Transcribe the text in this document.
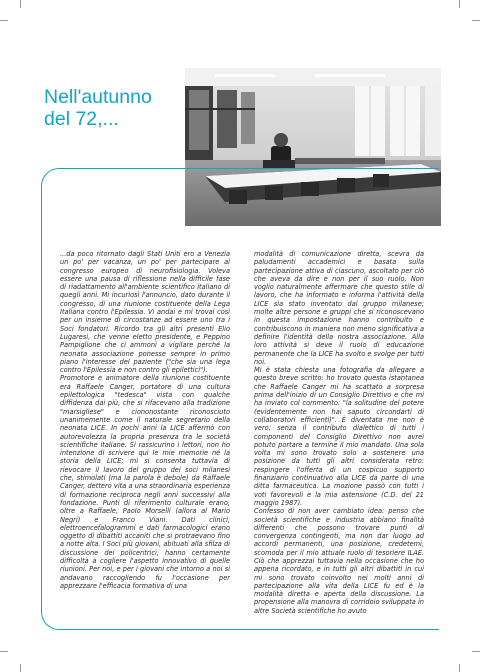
Nell'autunno
del 72,...

...da poco ritornato dagli Stati Uniti ero a Venezia un po' per vacanza, un po' per partecipare al congresso europeo di neurofisiologia. Voleva essere una pausa di riflessione nella difficile fase di riadattamento all'ambiente scientifico italiano di quegli anni. Mi incuriosì l'annuncio, dato durante il congresso, di una riunione costituente della Lega Italiana contro l'Epilessia. Vi andai e mi trovai così per un insieme di circostanze ad essere uno tra i Soci fondatori. Ricordo tra gli altri presenti Elio Lugaresi, che venne eletto presidente, e Peppino Pampiglione che ci ammonì a vigilare perché la neonata associazione ponesse sempre in primo piano l'interesse del paziente ("che sia una lega contro l'Epilessia e non contro gli epilettici").

Promotore e animatore della riunione costituente era Raffaele Canger, portatore di una cultura epilettologica "tedesca" vista con qualche diffidenza dai più, che si rifacevano alla tradizione "marsigliese" e ciononostante riconosciuto unanimemente come il naturale segretario della neonata LICE. In pochi anni la LICE affermò con autorevolezza la propria presenza tra le società scientifiche italiane. Si rassicurino i lettori, non ho intenzione di scrivere qui le mie memorie né la storia della LICE; mi si consenta tuttavia di rievocare il lavoro del gruppo dei soci milanesi che, stimolati (ma la parola è debole) da Raffaele Canger, dettero vita a una straordinaria esperienza di formazione reciproca negli anni successivi alla fondazione. Punti di riferimento culturale erano, oltre a Raffaele, Paolo Morselli (allora al Mario Negri) e Franco Viani. Dati clinici, elettroencefalogrammi e dati farmacologici erano oggetto di dibattiti accaniti che si protraevano fino a notte alta. I Soci più giovani, abituati alla sfilza di discussione dei policentrici, hanno certamente difficoltà a cogliere l'aspetto innovativo di quelle riunioni. Per noi, e per i giovani che intorno a noi si andavano raccogliendo fu l'occasione per apprezzare l'efficacia formativa di una

modalità di comunicazione diretta, scevra da paludamenti accademici e basata sulla partecipazione attiva di ciascuno, ascoltato per ciò che aveva da dire e non per il suo ruolo. Non voglio naturalmente affermare che questo stile di lavoro, che ha informato e informa l'attività della LICE sia stato inventato dal gruppo milanese; molte altre persone e gruppi che si riconoscevano in questa impostazione hanno contribuito e contribuiscono in maniera non meno significativa a definire l'identità della nostra associazione. Alla loro attività si deve il ruolo di educazione permanente che la LICE ha svolto e svolge per tutti noi.

Mi è stata chiesta una fotografia da allegare a questo breve scritto: ho trovato questa istantanea che Raffaele Canger mi ha scattato a sorpresa prima dell'inizio di un Consiglio Direttivo e che mi ha inviato col commento: "la solitudine del potere (evidentemente non hai saputo circondarti di collaboratori efficienti)". È diventata me non è vero; senza il contributo dialettico di tutti i componenti del Consiglio Direttivo non avrei potuto portare a termine il mio mandato. Una sola volta mi sono trovato solo a sostenere una posizione da tutti gli altri considerata retro: respingere l'offerta di un cospicuo supporto finanziario continuativo alla LICE da parte di una ditta farmaceutica. La mozione passò con tutti i voti favorevoli e la mia astensione (C.D. del 21 maggio 1987).

Confesso di non aver cambiato idea: penso che società scientifiche e industria abbiano finalità differenti che possono trovare punti di convergenza contingenti, ma non dar luogo ad accordi permanenti, una posizione, credetemi, scomoda per il mio attuale ruolo di tesoriere ILAE. Ciò che apprezzai tuttavia nella occasione che ho appena ricordato, e in tutti gli altri dibattiti in cui mi sono trovato coinvolto nei molti anni di partecipazione alla vita della LICE fu ed è la modalità diretta e aperta della discussione. La propensione alla manovra di corridoio sviluppata in altre Società scientifiche ho avuto
